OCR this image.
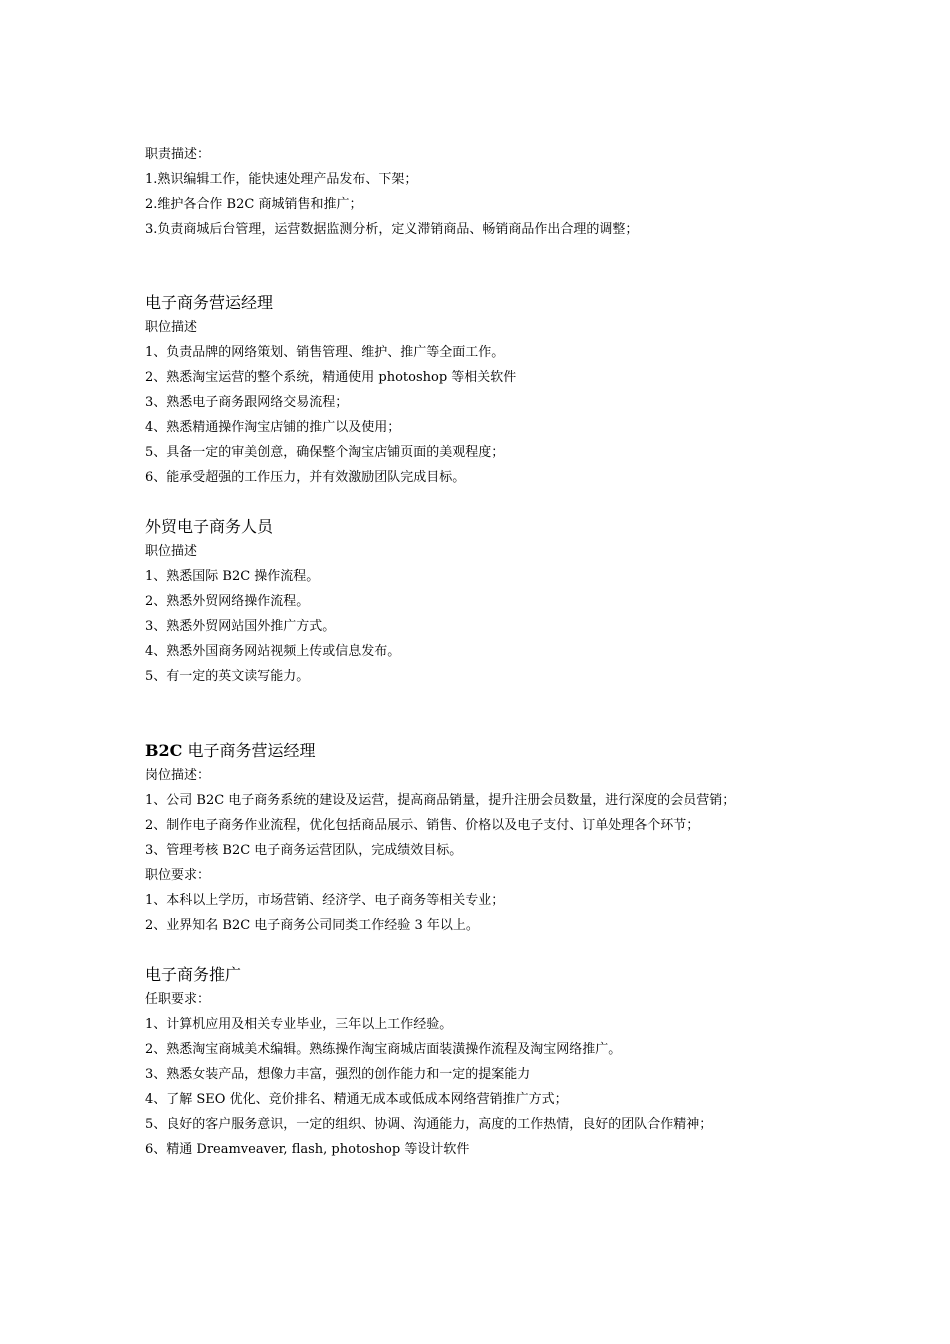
职责描述：
1.熟识编辑工作，能快速处理产品发布、下架；
2.维护各合作 B2C 商城销售和推广；
3.负责商城后台管理，运营数据监测分析，定义滞销商品、畅销商品作出合理的调整；
电子商务营运经理
职位描述
1、负责品牌的网络策划、销售管理、维护、推广等全面工作。
2、熟悉淘宝运营的整个系统，精通使用 photoshop 等相关软件
3、熟悉电子商务跟网络交易流程；
4、熟悉精通操作淘宝店铺的推广以及使用；
5、具备一定的审美创意，确保整个淘宝店铺页面的美观程度；
6、能承受超强的工作压力，并有效激励团队完成目标。
外贸电子商务人员
职位描述
1、熟悉国际 B2C 操作流程。
2、熟悉外贸网络操作流程。
3、熟悉外贸网站国外推广方式。
4、熟悉外国商务网站视频上传或信息发布。
5、有一定的英文读写能力。
B2C 电子商务营运经理
岗位描述：
1、公司 B2C 电子商务系统的建设及运营，提高商品销量，提升注册会员数量，进行深度的会员营销；
2、制作电子商务作业流程，优化包括商品展示、销售、价格以及电子支付、订单处理各个环节；
3、管理考核 B2C 电子商务运营团队，完成绩效目标。
职位要求：
1、本科以上学历，市场营销、经济学、电子商务等相关专业；
2、业界知名 B2C 电子商务公司同类工作经验 3 年以上。
电子商务推广
任职要求：
1、计算机应用及相关专业毕业，三年以上工作经验。
2、熟悉淘宝商城美术编辑。熟练操作淘宝商城店面装潢操作流程及淘宝网络推广。
3、熟悉女装产品，想像力丰富，强烈的创作能力和一定的提案能力
4、了解 SEO 优化、竞价排名、精通无成本或低成本网络营销推广方式；
5、良好的客户服务意识，一定的组织、协调、沟通能力，高度的工作热情，良好的团队合作精神；
6、精通 Dreamveaver, flash, photoshop 等设计软件
